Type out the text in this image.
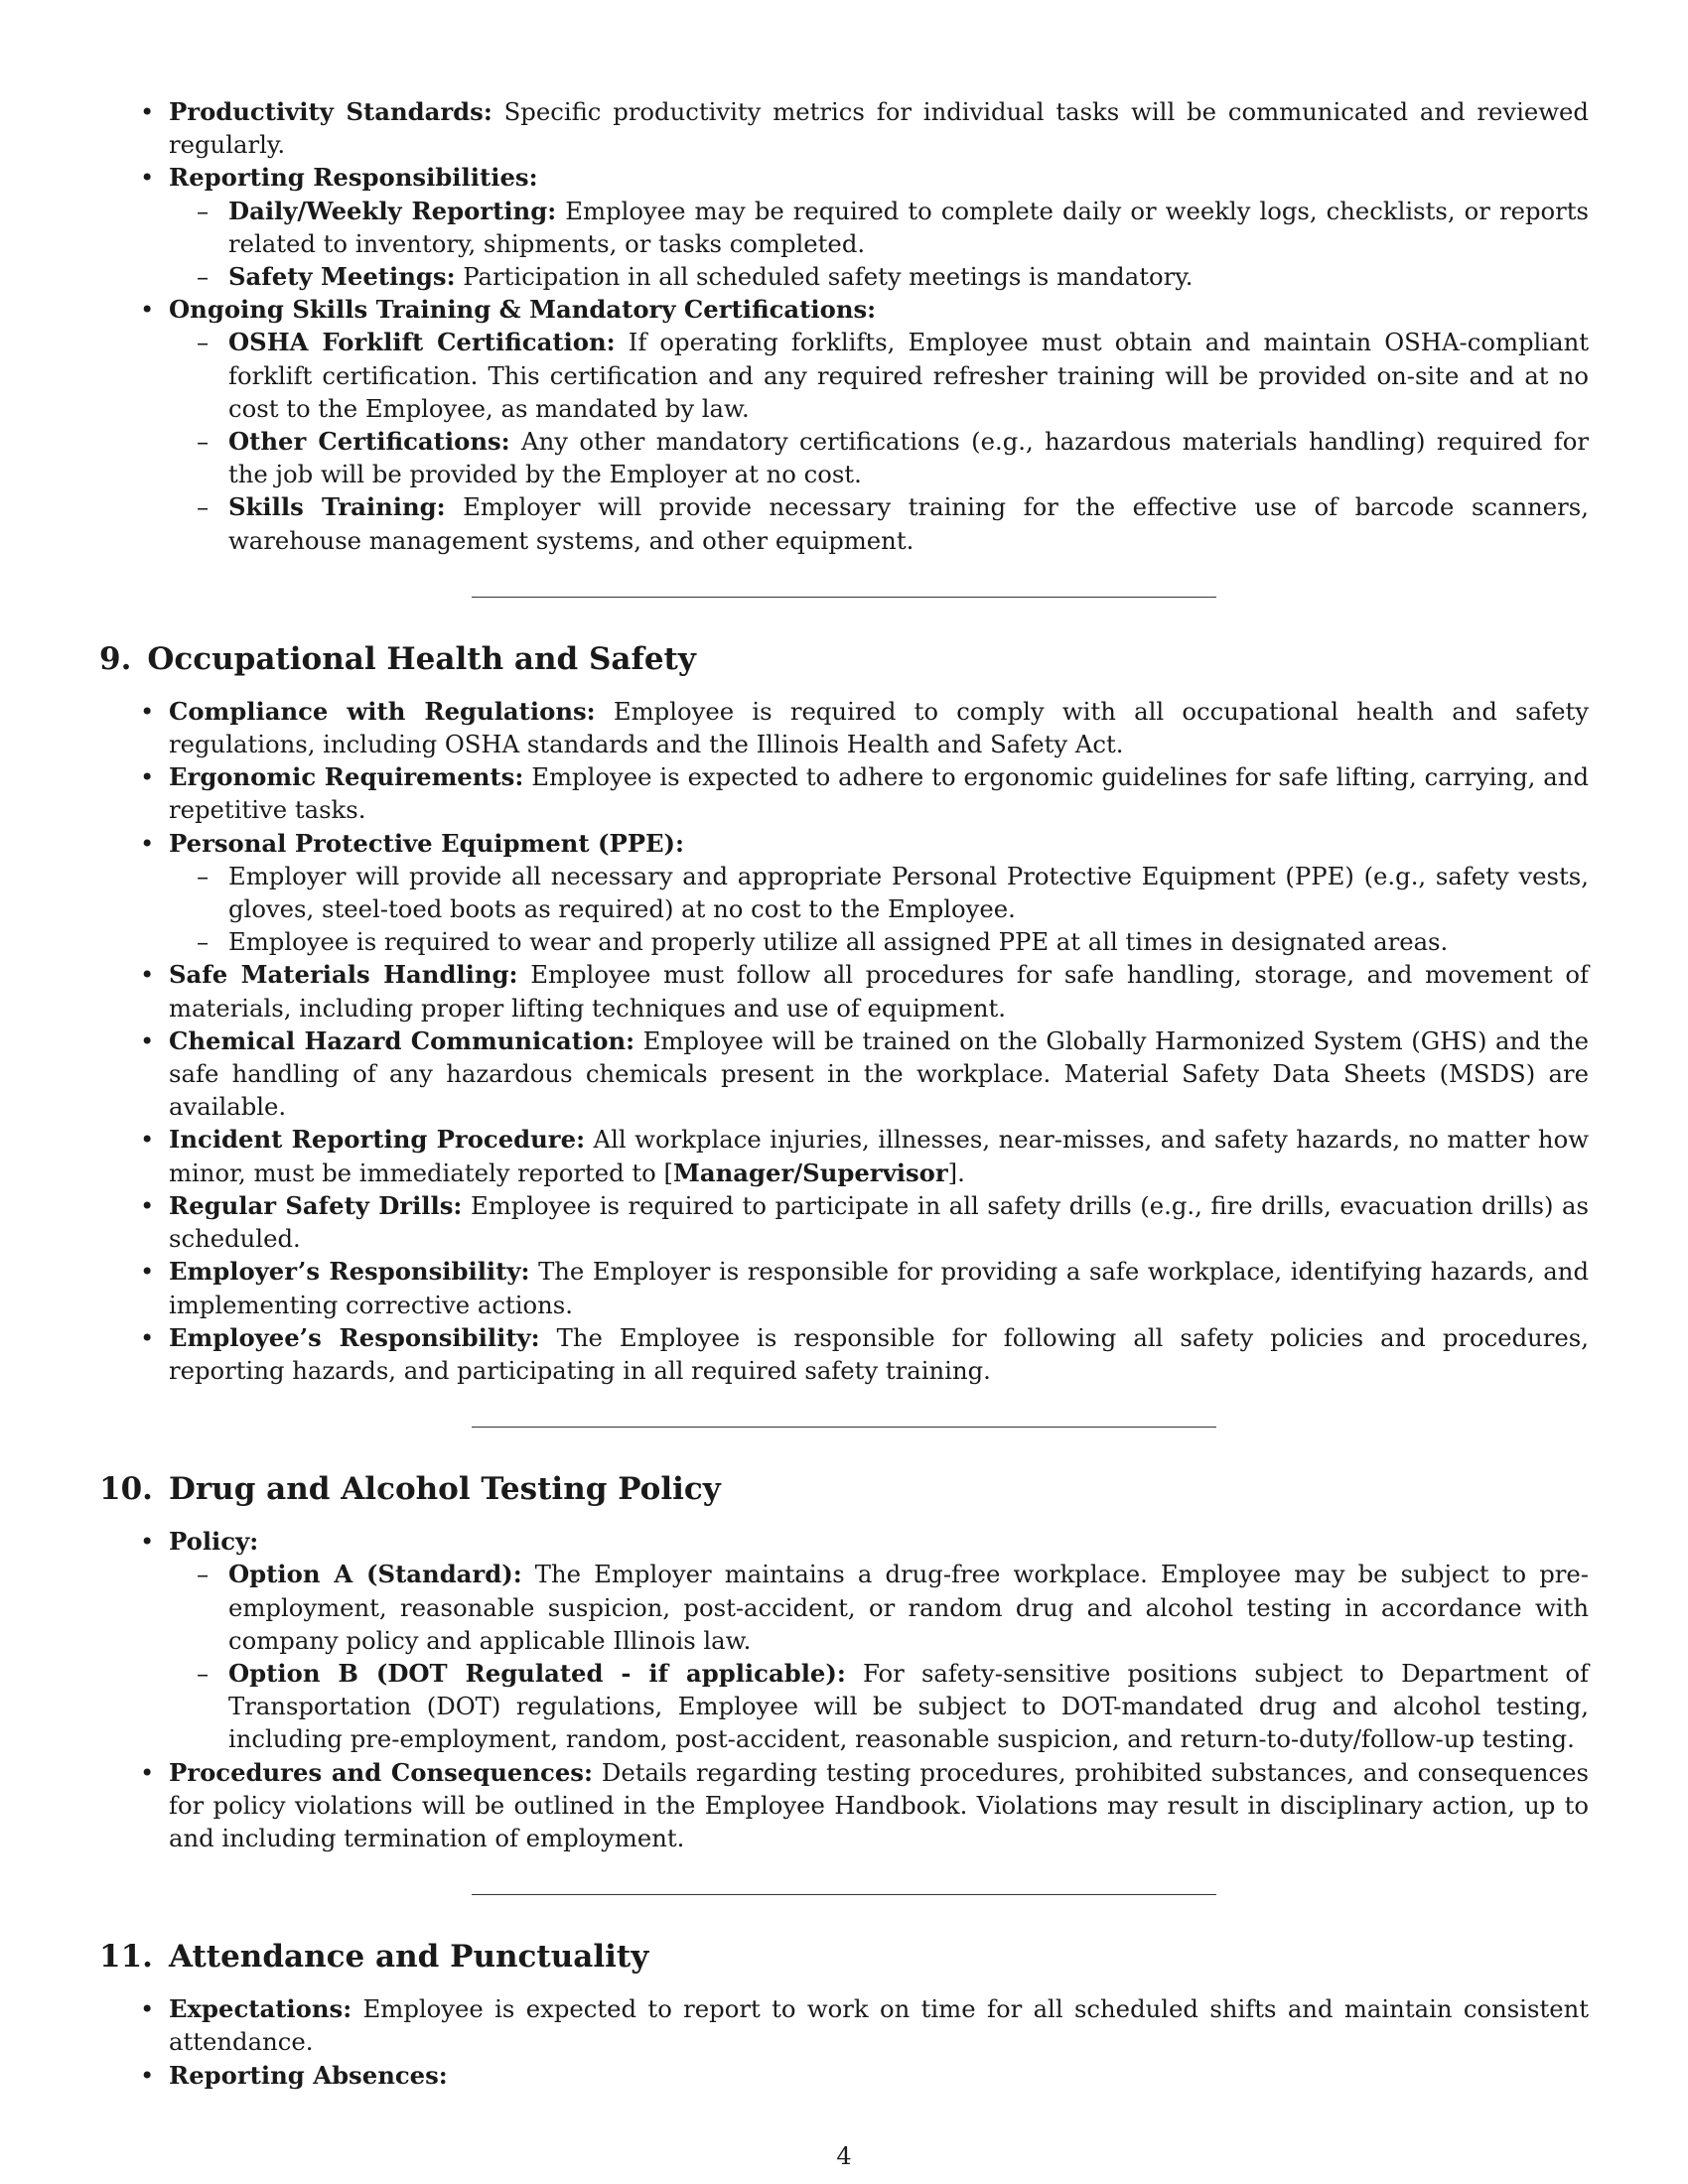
• Productivity Standards: Specific productivity metrics for individual tasks will be communicated and reviewed regularly.
• Reporting Responsibilities:
– Daily/Weekly Reporting: Employee may be required to complete daily or weekly logs, checklists, or reports related to inventory, shipments, or tasks completed.
– Safety Meetings: Participation in all scheduled safety meetings is mandatory.
• Ongoing Skills Training & Mandatory Certifications:
– OSHA Forklift Certification: If operating forklifts, Employee must obtain and maintain OSHA-compliant forklift certification. This certification and any required refresher training will be provided on-site and at no cost to the Employee, as mandated by law.
– Other Certifications: Any other mandatory certifications (e.g., hazardous materials handling) required for the job will be provided by the Employer at no cost.
– Skills Training: Employer will provide necessary training for the effective use of barcode scanners, warehouse management systems, and other equipment.
9. Occupational Health and Safety
• Compliance with Regulations: Employee is required to comply with all occupational health and safety regulations, including OSHA standards and the Illinois Health and Safety Act.
• Ergonomic Requirements: Employee is expected to adhere to ergonomic guidelines for safe lifting, carrying, and repetitive tasks.
• Personal Protective Equipment (PPE):
– Employer will provide all necessary and appropriate Personal Protective Equipment (PPE) (e.g., safety vests, gloves, steel-toed boots as required) at no cost to the Employee.
– Employee is required to wear and properly utilize all assigned PPE at all times in designated areas.
• Safe Materials Handling: Employee must follow all procedures for safe handling, storage, and movement of materials, including proper lifting techniques and use of equipment.
• Chemical Hazard Communication: Employee will be trained on the Globally Harmonized System (GHS) and the safe handling of any hazardous chemicals present in the workplace. Material Safety Data Sheets (MSDS) are available.
• Incident Reporting Procedure: All workplace injuries, illnesses, near-misses, and safety hazards, no matter how minor, must be immediately reported to [Manager/Supervisor].
• Regular Safety Drills: Employee is required to participate in all safety drills (e.g., fire drills, evacuation drills) as scheduled.
• Employer’s Responsibility: The Employer is responsible for providing a safe workplace, identifying hazards, and implementing corrective actions.
• Employee’s Responsibility: The Employee is responsible for following all safety policies and procedures, reporting hazards, and participating in all required safety training.
10. Drug and Alcohol Testing Policy
• Policy:
– Option A (Standard): The Employer maintains a drug-free workplace. Employee may be subject to pre-employment, reasonable suspicion, post-accident, or random drug and alcohol testing in accordance with company policy and applicable Illinois law.
– Option B (DOT Regulated - if applicable): For safety-sensitive positions subject to Department of Transportation (DOT) regulations, Employee will be subject to DOT-mandated drug and alcohol testing, including pre-employment, random, post-accident, reasonable suspicion, and return-to-duty/follow-up testing.
• Procedures and Consequences: Details regarding testing procedures, prohibited substances, and consequences for policy violations will be outlined in the Employee Handbook. Violations may result in disciplinary action, up to and including termination of employment.
11. Attendance and Punctuality
• Expectations: Employee is expected to report to work on time for all scheduled shifts and maintain consistent attendance.
• Reporting Absences:
4
